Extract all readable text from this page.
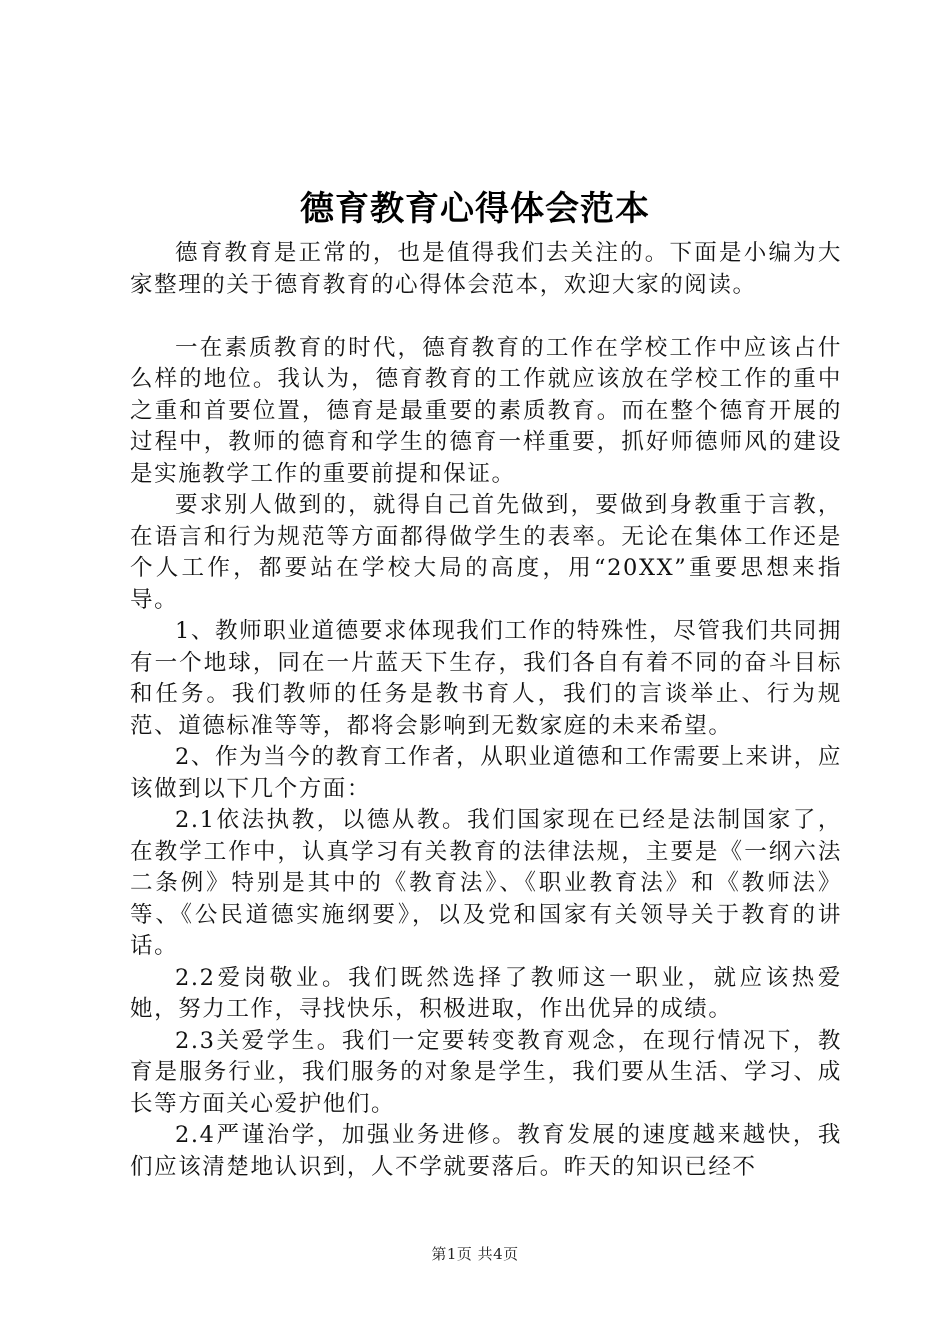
德育教育心得体会范本

德育教育是正常的，也是值得我们去关注的。下面是小编为大家整理的关于德育教育的心得体会范本，欢迎大家的阅读。

一在素质教育的时代，德育教育的工作在学校工作中应该占什么样的地位。我认为，德育教育的工作就应该放在学校工作的重中之重和首要位置，德育是最重要的素质教育。而在整个德育开展的过程中，教师的德育和学生的德育一样重要，抓好师德师风的建设是实施教学工作的重要前提和保证。

要求别人做到的，就得自己首先做到，要做到身教重于言教，在语言和行为规范等方面都得做学生的表率。无论在集体工作还是个人工作，都要站在学校大局的高度，用“20XX”重要思想来指导。

1、教师职业道德要求体现我们工作的特殊性，尽管我们共同拥有一个地球，同在一片蓝天下生存，我们各自有着不同的奋斗目标和任务。我们教师的任务是教书育人，我们的言谈举止、行为规范、道德标准等等，都将会影响到无数家庭的未来希望。

2、作为当今的教育工作者，从职业道德和工作需要上来讲，应该做到以下几个方面：

2.1依法执教，以德从教。我们国家现在已经是法制国家了，在教学工作中，认真学习有关教育的法律法规，主要是《一纲六法二条例》特别是其中的《教育法》、《职业教育法》和《教师法》等、《公民道德实施纲要》，以及党和国家有关领导关于教育的讲话。

2.2爱岗敬业。我们既然选择了教师这一职业，就应该热爱她，努力工作，寻找快乐，积极进取，作出优异的成绩。

2.3关爱学生。我们一定要转变教育观念，在现行情况下，教育是服务行业，我们服务的对象是学生，我们要从生活、学习、成长等方面关心爱护他们。

2.4严谨治学，加强业务进修。教育发展的速度越来越快，我们应该清楚地认识到，人不学就要落后。昨天的知识已经不

第1页 共4页
